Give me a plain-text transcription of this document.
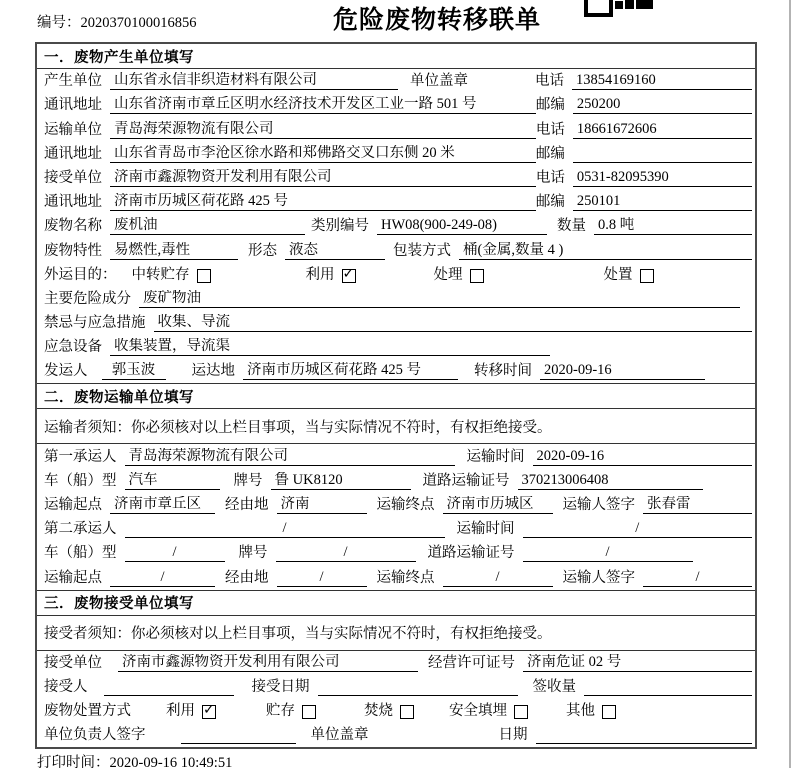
编号：2020370100016856	危险废物转移联单
一．废物产生单位填写
产生单位 山东省永信非织造材料有限公司	单位盖章	电话 13854169160
通讯地址 山东省济南市章丘区明水经济技术开发区工业一路 501 号	邮编 250200
运输单位 青岛海荣源物流有限公司	电话 18661672606
通讯地址 山东省青岛市李沧区徐水路和郑佛路交叉口东侧 20 米	邮编
接受单位 济南市鑫源物资开发利用有限公司	电话 0531-82095390
通讯地址 济南市历城区荷花路 425 号	邮编 250101
废物名称 废机油	类别编号 HW08(900-249-08)	数量 0.8 吨
废物特性 易燃性,毒性	形态 液态	包装方式 桶(金属,数量 4 )
外运目的： 中转贮存	利用 ✓	处理	处置
主要危险成分 废矿物油
禁忌与应急措施 收集、导流
应急设备 收集装置，导流渠
发运人	郭玉波	运达地 济南市历城区荷花路 425 号	转移时间 2020-09-16
二．废物运输单位填写
运输者须知：你必须核对以上栏目事项，当与实际情况不符时，有权拒绝接受。
第一承运人 青岛海荣源物流有限公司	运输时间 2020-09-16
车（船）型 汽车	牌号 鲁 UK8120	道路运输证号 370213006408
运输起点 济南市章丘区	经由地 济南	运输终点 济南市历城区	运输人签字 张春雷
第二承运人	/	运输时间	/
车（船）型	/	牌号	/	道路运输证号	/
运输起点	/	经由地	/	运输终点	/	运输人签字	/
三．废物接受单位填写
接受者须知：你必须核对以上栏目事项，当与实际情况不符时，有权拒绝接受。
接受单位 济南市鑫源物资开发利用有限公司	经营许可证号 济南危证 02 号
接受人	接受日期	签收量
废物处置方式 利用 ✓	贮存	焚烧	安全填埋	其他
单位负责人签字	单位盖章	日期
打印时间：2020-09-16 10:49:51
